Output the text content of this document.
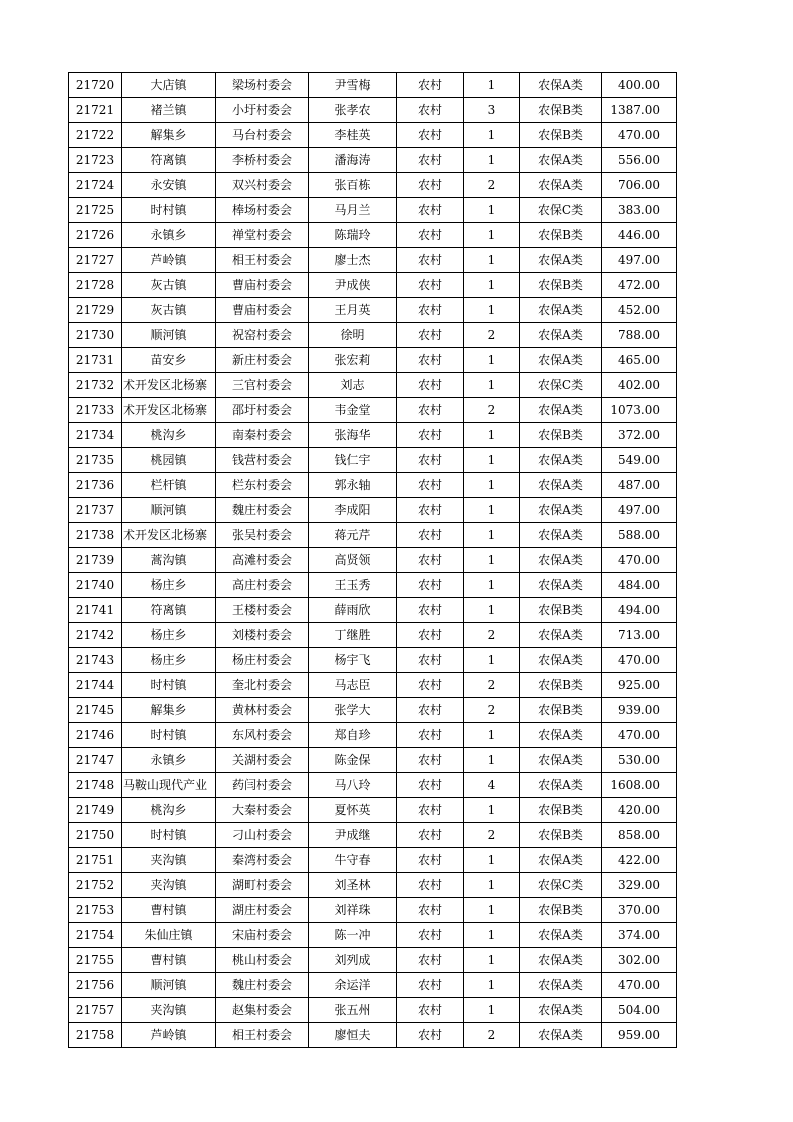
21720	大店镇	梁场村委会	尹雪梅	农村	1	农保A类	400.00
21721	褚兰镇	小圩村委会	张孝农	农村	3	农保B类	1387.00
21722	解集乡	马台村委会	李桂英	农村	1	农保B类	470.00
21723	符离镇	李桥村委会	潘海涛	农村	1	农保A类	556.00
21724	永安镇	双兴村委会	张百栋	农村	2	农保A类	706.00
21725	时村镇	棒场村委会	马月兰	农村	1	农保C类	383.00
21726	永镇乡	禅堂村委会	陈瑞玲	农村	1	农保B类	446.00
21727	芦岭镇	相王村委会	廖士杰	农村	1	农保A类	497.00
21728	灰古镇	曹庙村委会	尹成侠	农村	1	农保B类	472.00
21729	灰古镇	曹庙村委会	王月英	农村	1	农保A类	452.00
21730	顺河镇	祝窑村委会	徐明	农村	2	农保A类	788.00
21731	苗安乡	新庄村委会	张宏莉	农村	1	农保A类	465.00
21732	术开发区北杨寨	三官村委会	刘志	农村	1	农保C类	402.00
21733	术开发区北杨寨	邵圩村委会	韦金堂	农村	2	农保A类	1073.00
21734	桃沟乡	南秦村委会	张海华	农村	1	农保B类	372.00
21735	桃园镇	钱营村委会	钱仁宇	农村	1	农保A类	549.00
21736	栏杆镇	栏东村委会	郭永轴	农村	1	农保A类	487.00
21737	顺河镇	魏庄村委会	李成阳	农村	1	农保A类	497.00
21738	术开发区北杨寨	张吴村委会	蒋元芹	农村	1	农保A类	588.00
21739	蒿沟镇	高滩村委会	高贤领	农村	1	农保A类	470.00
21740	杨庄乡	高庄村委会	王玉秀	农村	1	农保A类	484.00
21741	符离镇	王楼村委会	薛雨欣	农村	1	农保B类	494.00
21742	杨庄乡	刘楼村委会	丁继胜	农村	2	农保A类	713.00
21743	杨庄乡	杨庄村委会	杨宇飞	农村	1	农保A类	470.00
21744	时村镇	奎北村委会	马志臣	农村	2	农保B类	925.00
21745	解集乡	黄林村委会	张学大	农村	2	农保B类	939.00
21746	时村镇	东风村委会	郑自珍	农村	1	农保A类	470.00
21747	永镇乡	关湖村委会	陈金保	农村	1	农保A类	530.00
21748	马鞍山现代产业	药闫村委会	马八玲	农村	4	农保A类	1608.00
21749	桃沟乡	大秦村委会	夏怀英	农村	1	农保B类	420.00
21750	时村镇	刁山村委会	尹成继	农村	2	农保B类	858.00
21751	夹沟镇	秦湾村委会	牛守春	农村	1	农保A类	422.00
21752	夹沟镇	湖町村委会	刘圣林	农村	1	农保C类	329.00
21753	曹村镇	湖庄村委会	刘祥珠	农村	1	农保B类	370.00
21754	朱仙庄镇	宋庙村委会	陈一冲	农村	1	农保A类	374.00
21755	曹村镇	桃山村委会	刘列成	农村	1	农保A类	302.00
21756	顺河镇	魏庄村委会	余运洋	农村	1	农保A类	470.00
21757	夹沟镇	赵集村委会	张五州	农村	1	农保A类	504.00
21758	芦岭镇	相王村委会	廖恒夫	农村	2	农保A类	959.00
